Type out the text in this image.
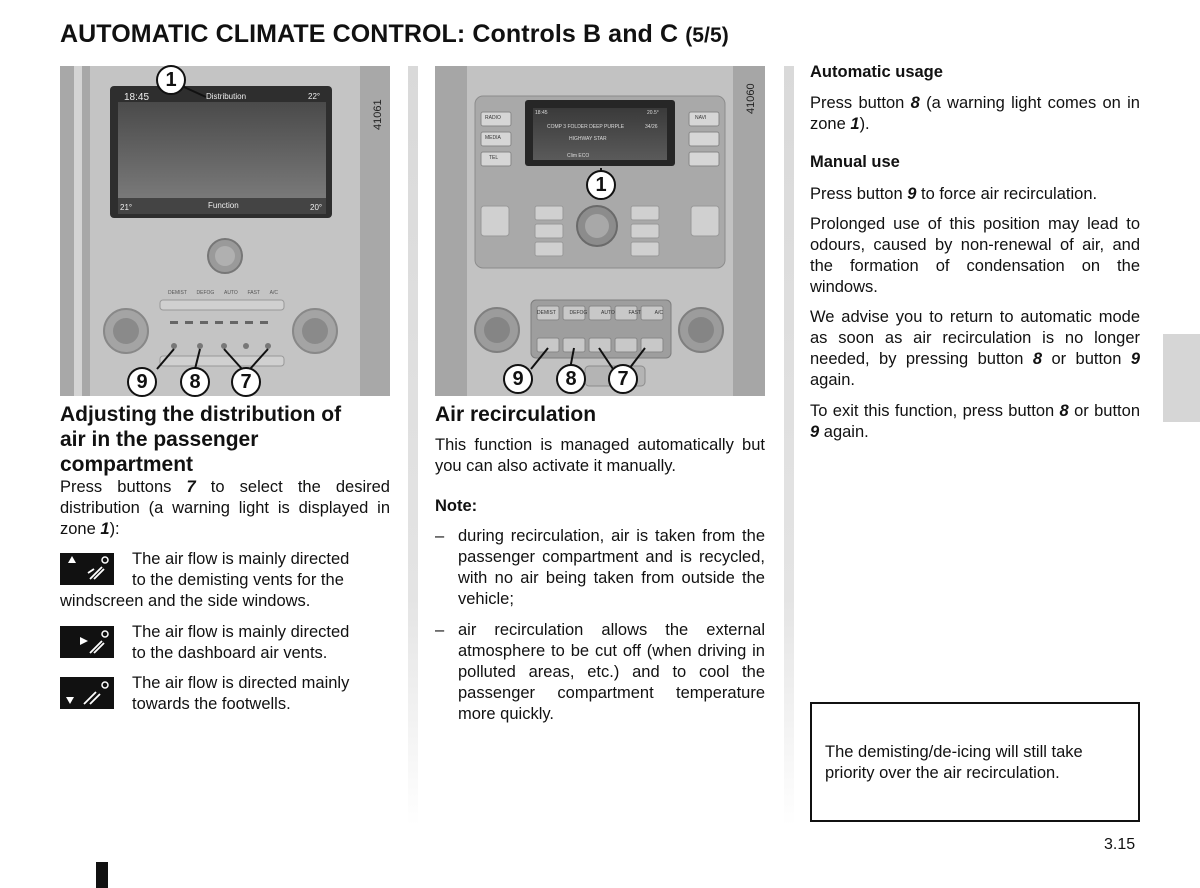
AUTOMATIC CLIMATE CONTROL: Controls B and C (5/5)
41061
18:45	Distribution	22°
21°	Function	20°
DEMIST DEFOG AUTO FAST A/C
1
9	8	7
41060
18:45	20.5°
COMP 3 FOLDER DEEP PURPLE	34/26
HIGHWAY STAR
Clim ECO
RADIO
MEDIA
TEL
NAVI
DEMIST	DEFOG	AUTO	FAST	A/C
1
9	8	7
Adjusting the distribution of air in the passenger compartment
Press buttons 7 to select the desired distribution (a warning light is displayed in zone 1):
The air flow is mainly directed
to the demisting vents for the
windscreen and the side windows.
The air flow is mainly directed
to the dashboard air vents.
The air flow is directed mainly
towards the footwells.
Air recirculation
This function is managed automatically but you can also activate it manually.
Note:
– during recirculation, air is taken from the passenger compartment and is recycled, with no air being taken from outside the vehicle;
– air recirculation allows the external atmosphere to be cut off (when driving in polluted areas, etc.) and to cool the passenger compartment temperature more quickly.
Automatic usage
Press button 8 (a warning light comes on in zone 1).
Manual use
Press button 9 to force air recirculation.
Prolonged use of this position may lead to odours, caused by non-renewal of air, and the formation of condensation on the windows.
We advise you to return to automatic mode as soon as air recirculation is no longer needed, by pressing button 8 or button 9 again.
To exit this function, press button 8 or button 9 again.
The demisting/de-icing will still take priority over the air recirculation.
3.15
